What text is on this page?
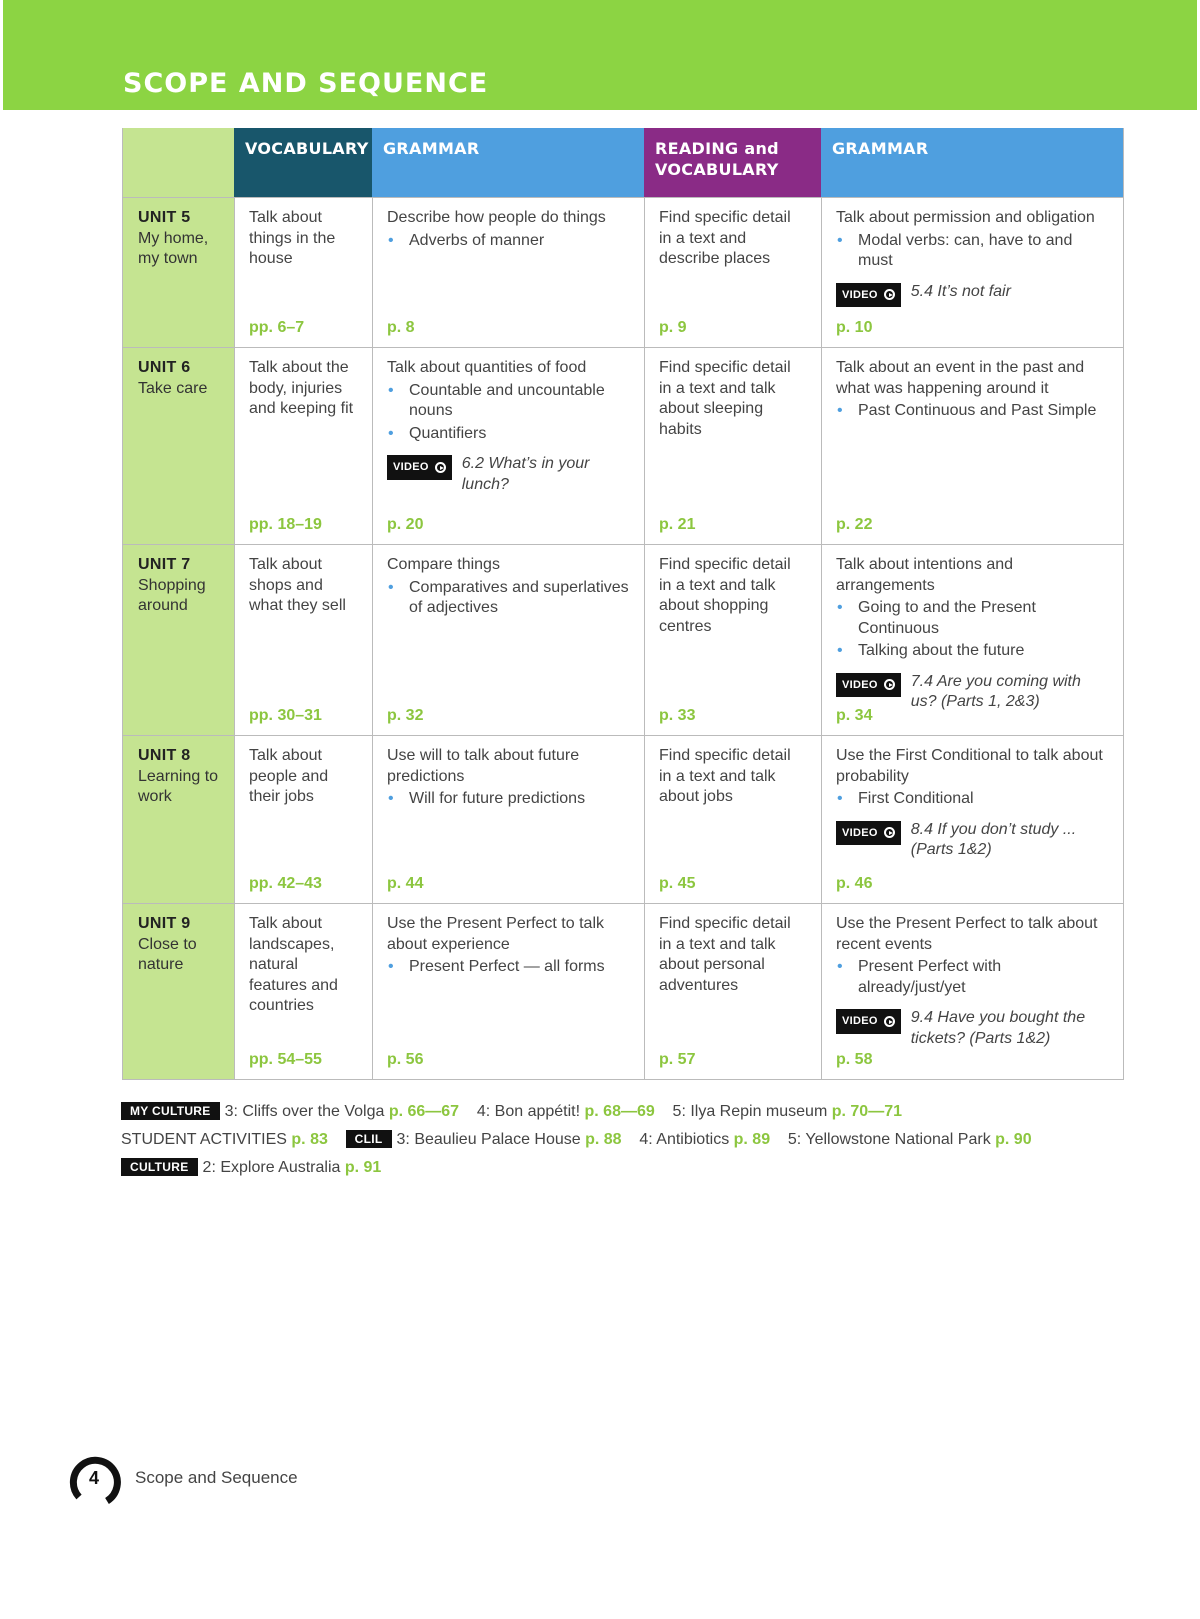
SCOPE AND SEQUENCE
VOCABULARY GRAMMAR	READING and VOCABULARY
GRAMMAR
UNIT 5
My home, my town
Talk about things in the house
pp. 6–7
Describe how people do things
• Adverbs of manner
p. 8
Find specific detail in a text and describe places
p. 9
Talk about permission and obligation
• Modal verbs: can, have to and must
VIDEO 5.4 It’s not fair
p. 10
UNIT 6
Take care
Talk about the body, injuries and keeping fit
pp. 18–19
Talk about quantities of food
• Countable and uncountable nouns
• Quantifiers
VIDEO 6.2 What’s in your lunch?
p. 20
Find specific detail in a text and talk about sleeping habits
p. 21
Talk about an event in the past and what was happening around it
• Past Continuous and Past Simple
p. 22
UNIT 7
Shopping around
Talk about shops and what they sell
pp. 30–31
Compare things
• Comparatives and superlatives of adjectives
p. 32
Find specific detail in a text and talk about shopping centres
p. 33
Talk about intentions and arrangements
• Going to and the Present Continuous
• Talking about the future
VIDEO 7.4 Are you coming with us? (Parts 1, 2&3)
p. 34
UNIT 8
Learning to work
Talk about people and their jobs
pp. 42–43
Use will to talk about future predictions
• Will for future predictions
p. 44
Find specific detail in a text and talk about jobs
p. 45
Use the First Conditional to talk about probability
• First Conditional
VIDEO 8.4 If you don’t study ... (Parts 1&2)
p. 46
UNIT 9
Close to nature
Talk about landscapes, natural features and countries
pp. 54–55
Use the Present Perfect to talk about experience
• Present Perfect — all forms
p. 56
Find specific detail in a text and talk about personal adventures
p. 57
Use the Present Perfect to talk about recent events
• Present Perfect with already/just/yet
VIDEO 9.4 Have you bought the tickets? (Parts 1&2)
p. 58
MY CULTURE 3: Cliffs over the Volga p. 66—67 4: Bon appétit! p. 68—69 5: Ilya Repin museum p. 70—71
STUDENT ACTIVITIES p. 83 CLIL 3: Beaulieu Palace House p. 88 4: Antibiotics p. 89 5: Yellowstone National Park p. 90
CULTURE 2: Explore Australia p. 91
4	Scope and Sequence
